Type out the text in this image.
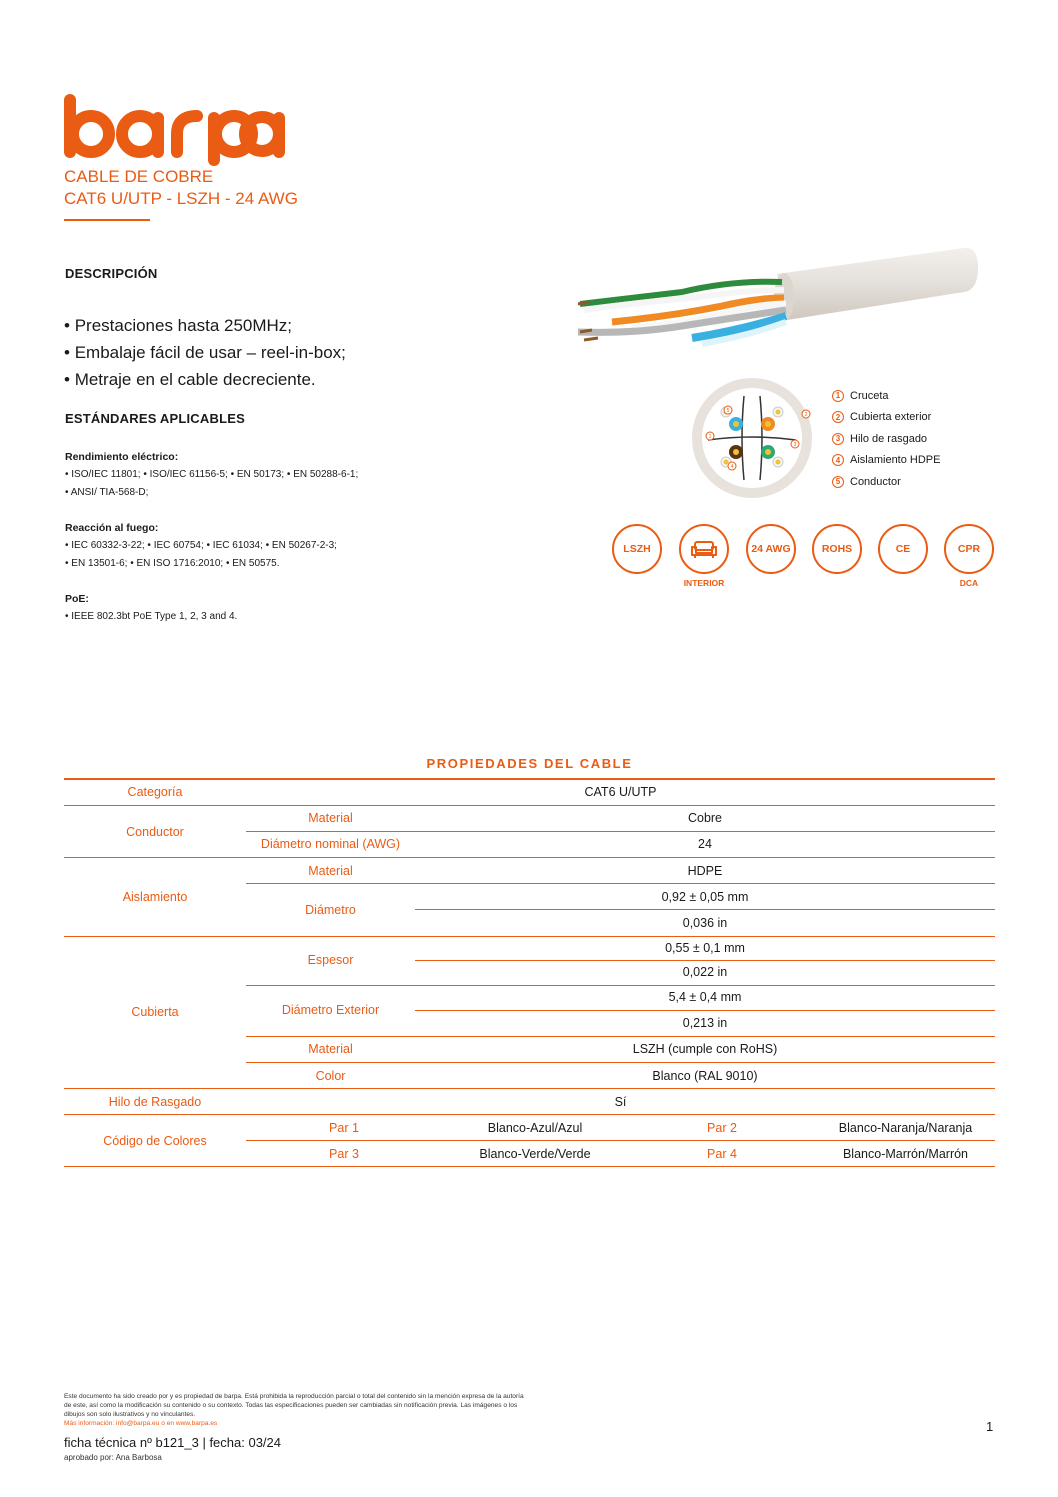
CABLE DE COBRE
CAT6 U/UTP - LSZH - 24 AWG
DESCRIPCIÓN
• Prestaciones hasta 250MHz;
• Embalaje fácil de usar – reel-in-box;
• Metraje en el cable decreciente.
ESTÁNDARES APLICABLES
Rendimiento eléctrico:
• ISO/IEC 11801; • ISO/IEC 61156-5; • EN 50173; • EN 50288-6-1;
• ANSI/ TIA-568-D;
Reacción al fuego:
• IEC 60332-3-22; • IEC 60754; • IEC 61034; • EN 50267-2-3;
• EN 13501-6; • EN ISO 1716:2010; • EN 50575.
PoE:
• IEEE 802.3bt PoE Type 1, 2, 3 and 4.
1
2
3
4
5
1 Cruceta
2 Cubierta exterior
3 Hilo de rasgado
4 Aislamiento HDPE
5 Conductor
LSZH
INTERIOR
24 AWG	ROHS	CE	CPR
DCA
PROPIEDADES DEL CABLE
Categoría	CAT6 U/UTP
Conductor
Material	Cobre
Diámetro nominal (AWG)	24
Aislamiento
Material	HDPE
Diámetro
0,92 ± 0,05 mm
0,036 in
Cubierta
Espesor
0,55 ± 0,1 mm
0,022 in
Diámetro Exterior
5,4 ± 0,4 mm
0,213 in
Material	LSZH (cumple con RoHS)
Color	Blanco (RAL 9010)
Hilo de Rasgado	Sí
Código de Colores
Par 1	Blanco-Azul/Azul	Par 2	Blanco-Naranja/Naranja
Par 3	Blanco-Verde/Verde	Par 4	Blanco-Marrón/Marrón
Este documento ha sido creado por y es propiedad de barpa. Está prohibida la reproducción parcial o total del contenido sin la mención expresa de la autoría de este, así como la modificación su contenido o su contexto. Todas las especificaciones pueden ser cambiadas sin notificación previa. Las imágenes o los dibujos son solo ilustrativos y no vinculantes.
Más información: info@barpa.eu o en www.barpa.es
ficha técnica nº b121_3 | fecha: 03/24
aprobado por: Ana Barbosa
1
